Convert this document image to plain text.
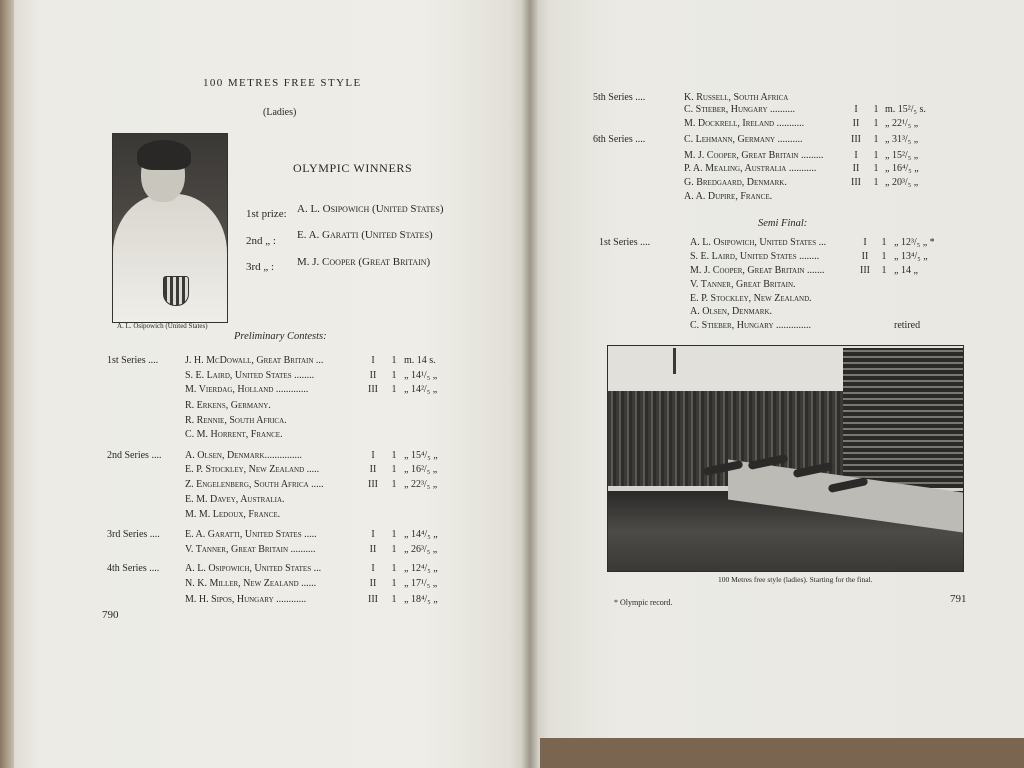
100 METRES FREE STYLE
(Ladies)
A. L. Osipowich (United States)
OLYMPIC WINNERS
1st prize: A. L. Osipowich (United States)
2nd „ : E. A. Garatti (United States)
3rd „ : M. J. Cooper (Great Britain)
Preliminary Contests:
1st Series ....	J. H. McDowall, Great Britain ...	I	1 m. 14 s.
S. E. Laird, United States ........	II	1 „ 14¹/₅ „
M. Vierdag, Holland .............	III	1 „ 14²/₅ „
R. Erkens, Germany.
R. Rennie, South Africa.
C. M. Horrent, France.
2nd Series .... A. Olsen, Denmark...............	I	1 „ 15⁴/₅ „
E. P. Stockley, New Zealand .....	II	1 „ 16²/₅ „
Z. Engelenberg, South Africa .....	III	1 „ 22³/₅ „
E. M. Davey, Australia.
M. M. Ledoux, France.
3rd Series ....	E. A. Garatti, United States .....	I	1 „ 14⁴/₅ „
V. Tanner, Great Britain ..........	II	1 „ 26³/₅ „
4th Series ....	A. L. Osipowich, United States ...	I	1 „ 12⁴/₅ „
N. K. Miller, New Zealand ......	II	1 „ 17¹/₅ „
M. H. Sipos, Hungary ............	III	1 „ 18⁴/₅ „
790
5th Series ....	K. Russell, South Africa
C. Stieber, Hungary ..........	I	1 m. 15²/₅ s.
M. Dockrell, Ireland ...........	II	1 „ 22¹/₅ „
6th Series ....	C. Lehmann, Germany ..........	III	1 „ 31³/₅ „
M. J. Cooper, Great Britain .........	I	1 „ 15²/₅ „
P. A. Mealing, Australia ...........	II	1 „ 16⁴/₅ „
G. Bredgaard, Denmark.	III	1 „ 20³/₅ „
A. A. Dupire, France.
Semi Final:
1st Series ....	A. L. Osipowich, United States ...	I	1 „ 12³/₅ „ *
S. E. Laird, United States ........	II	1 „ 13⁴/₅ „
M. J. Cooper, Great Britain .......	III	1 „ 14 „
V. Tanner, Great Britain.
E. P. Stockley, New Zealand.
A. Olsen, Denmark.
C. Stieber, Hungary ..............	retired
100 Metres free style (ladies). Starting for the final.
* Olympic record.	791
